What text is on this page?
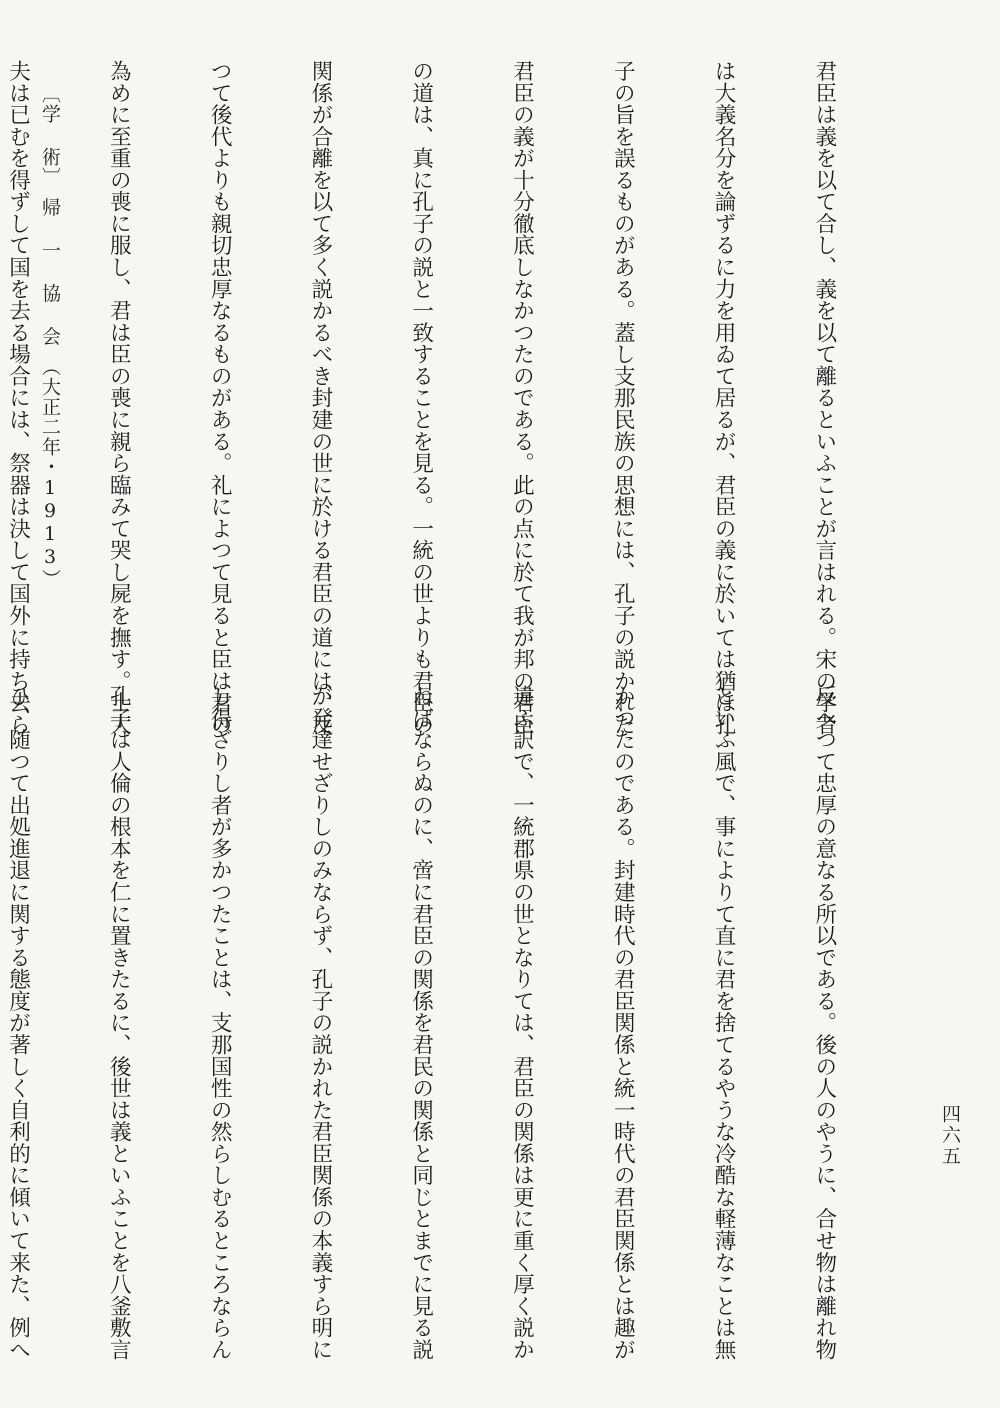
君臣は義を以て合し、義を以て離るといふことが言はれる。宋の学者

は大義名分を論ずるに力を用ゐて居るが、君臣の義に於いては猶ほ孔

子の旨を誤るものがある。蓋し支那民族の思想には、孔子の説かれた

君臣の義が十分徹底しなかつたのである。此の点に於て我が邦の君臣

の道は、真に孔子の説と一致することを見る。一統の世よりも君臣の

関係が合離を以て多く説かるべき封建の世に於ける君臣の道には、反

つて後代よりも親切忠厚なるものがある。礼によつて見ると臣は君の

為めに至重の喪に服し、君は臣の喪に親ら臨みて哭し屍を撫す。士大

夫は已むを得ずして国を去る場合には、祭器は決して国外に持ち去ら

反へつて忠厚の意なる所以である。後の人のやうに、合せ物は離れ物

といふ風で、事によりて直に君を捨てるやうな冷酷な軽薄なことは無

かつたのである。封建時代の君臣関係と統一時代の君臣関係とは趣が

違ふ訳で、一統郡県の世となりては、君臣の関係は更に重く厚く説か

ねばならぬのに、啻に君臣の関係を君民の関係と同じとまでに見る説

が発達せざりしのみならず、孔子の説かれた君臣関係の本義すら明に

し得ざりし者が多かつたことは、支那国性の然らしむるところならん

孔子は人倫の根本を仁に置きたるに、後世は義といふことを八釜敷言

ひ、随つて出処進退に関する態度が著しく自利的に傾いて来た、例へ

〔学 術〕　帰 一 協 会　（大正二年・1913）
四六五
